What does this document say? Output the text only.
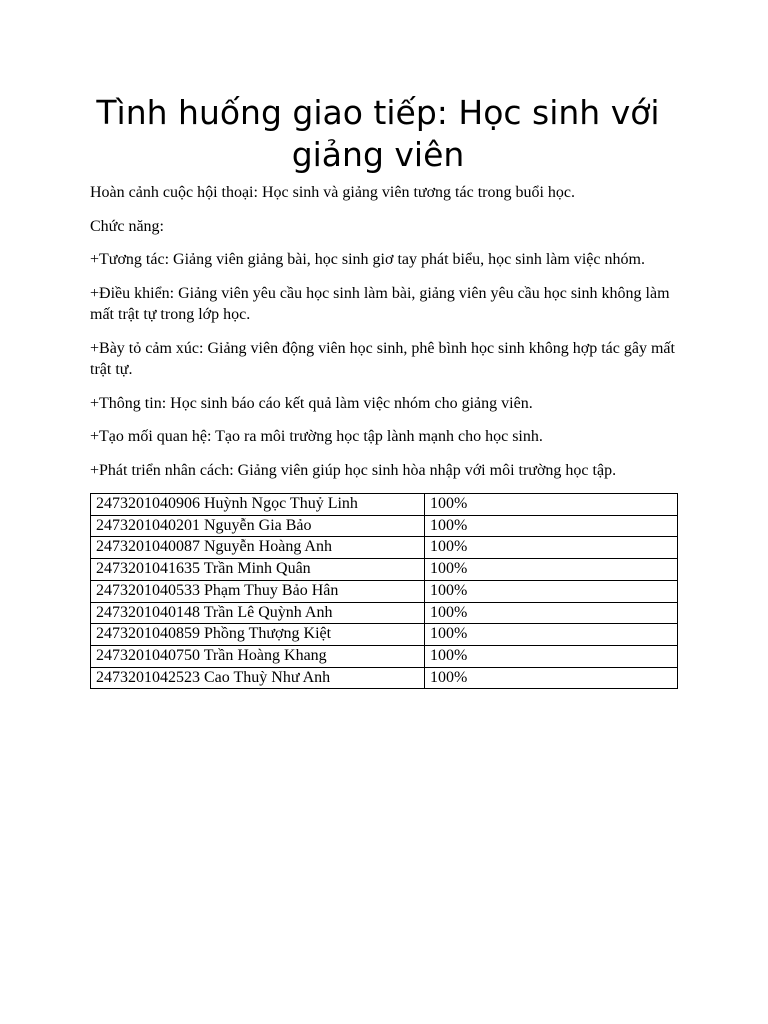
Tình huống giao tiếp: Học sinh với giảng viên

Hoàn cảnh cuộc hội thoại: Học sinh và giảng viên tương tác trong buổi học.

Chức năng:

+Tương tác: Giảng viên giảng bài, học sinh giơ tay phát biểu, học sinh làm việc nhóm.

+Điều khiển: Giảng viên yêu cầu học sinh làm bài, giảng viên yêu cầu học sinh không làm mất trật tự trong lớp học.

+Bày tỏ cảm xúc: Giảng viên động viên học sinh, phê bình học sinh không hợp tác gây mất trật tự.

+Thông tin: Học sinh báo cáo kết quả làm việc nhóm cho giảng viên.

+Tạo mối quan hệ: Tạo ra môi trường học tập lành mạnh cho học sinh.

+Phát triển nhân cách: Giảng viên giúp học sinh hòa nhập với môi trường học tập.

2473201040906 Huỳnh Ngọc Thuỷ Linh	100%
2473201040201 Nguyễn Gia Bảo	100%
2473201040087 Nguyễn Hoàng Anh	100%
2473201041635 Trần Minh Quân	100%
2473201040533 Phạm Thuy Bảo Hân	100%
2473201040148 Trần Lê Quỳnh Anh	100%
2473201040859 Phồng Thượng Kiệt	100%
2473201040750 Trần Hoàng Khang	100%
2473201042523 Cao Thuỳ Như Anh	100%
